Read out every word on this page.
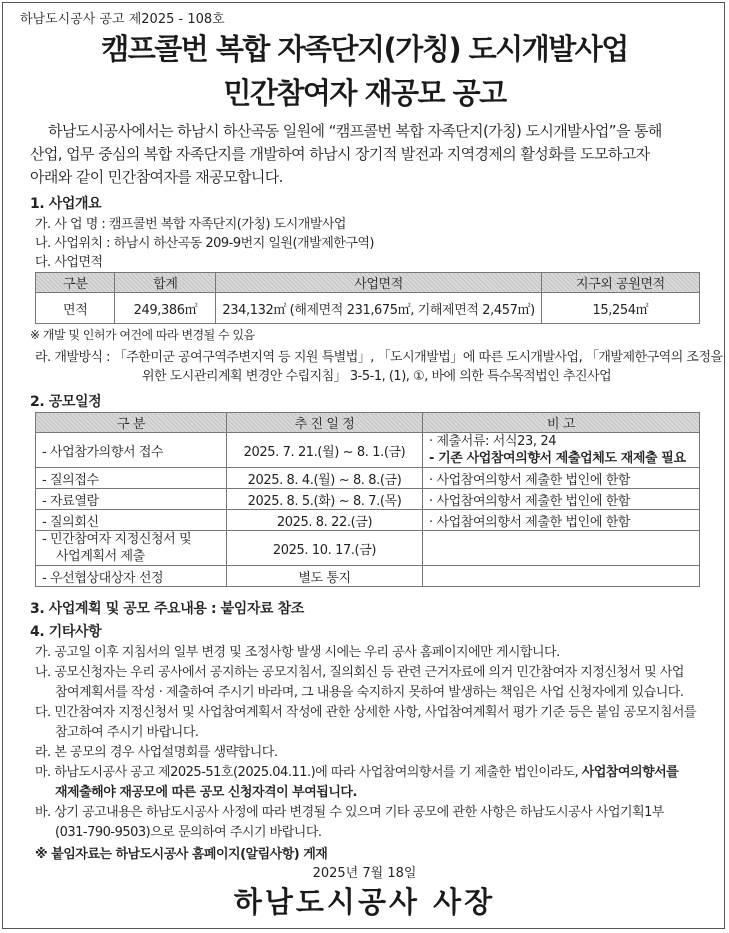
하남도시공사 공고 제2025 - 108호
캠프콜번 복합 자족단지(가칭) 도시개발사업
민간참여자 재공모 공고

하남도시공사에서는 하남시 하산곡동 일원에 “캠프콜번 복합 자족단지(가칭) 도시개발사업”을 통해

산업, 업무 중심의 복합 자족단지를 개발하여 하남시 장기적 발전과 지역경제의 활성화를 도모하고자

아래와 같이 민간참여자를 재공모합니다.

1. 사업개요
가. 사 업 명 : 캠프콜번 복합 자족단지(가칭) 도시개발사업
나. 사업위치 : 하남시 하산곡동 209-9번지 일원(개발제한구역)
다. 사업면적
구분	합계	사업면적	지구외 공원면적
면적	249,386㎡	234,132㎡ (해제면적 231,675㎡, 기해제면적 2,457㎡)	15,254㎡
※ 개발 및 인허가 여건에 따라 변경될 수 있음
라. 개발방식 : 「주한미군 공여구역주변지역 등 지원 특별법」, 「도시개발법」에 따른 도시개발사업, 「개발제한구역의 조정을
위한 도시관리계획 변경안 수립지침」 3-5-1, (1), ①, 바에 의한 특수목적법인 추진사업
2. 공모일정
구 분	추 진 일 정	비 고
- 사업참가의향서 접수	2025. 7. 21.(월) ~ 8. 1.(금)	· 제출서류: 서식23, 24
- 기존 사업참여의향서 제출업체도 재제출 필요

- 질의접수	2025. 8. 4.(월) ~ 8. 8.(금)	· 사업참여의향서 제출한 법인에 한함
- 자료열람	2025. 8. 5.(화) ~ 8. 7.(목)	· 사업참여의향서 제출한 법인에 한함
- 질의회신	2025. 8. 22.(금)	· 사업참여의향서 제출한 법인에 한함

- 민간참여자 지정신청서 및
사업계획서 제출	2025. 10. 17.(금)	
- 우선협상대상자 선정	별도 통지	
3. 사업계획 및 공모 주요내용 : 붙임자료 참조
4. 기타사항
가. 공고일 이후 지침서의 일부 변경 및 조정사항 발생 시에는 우리 공사 홈페이지에만 게시합니다.
나. 공모신청자는 우리 공사에서 공지하는 공모지침서, 질의회신 등 관련 근거자료에 의거 민간참여자 지정신청서 및 사업
참여계획서를 작성 · 제출하여 주시기 바라며, 그 내용을 숙지하지 못하여 발생하는 책임은 사업 신청자에게 있습니다.
다. 민간참여자 지정신청서 및 사업참여계획서 작성에 관한 상세한 사항, 사업참여계획서 평가 기준 등은 붙임 공모지침서를
참고하여 주시기 바랍니다.
라. 본 공모의 경우 사업설명회를 생략합니다.
마. 하남도시공사 공고 제2025-51호(2025.04.11.)에 따라 사업참여의향서를 기 제출한 법인이라도, 사업참여의향서를
재제출해야 재공모에 따른 공모 신청자격이 부여됩니다.
바. 상기 공고내용은 하남도시공사 사정에 따라 변경될 수 있으며 기타 공모에 관한 사항은 하남도시공사 사업기획1부
(031-790-9503)으로 문의하여 주시기 바랍니다.
※ 붙임자료는 하남도시공사 홈페이지(알림사항) 게재
2025년 7월 18일
하남도시공사 사장
